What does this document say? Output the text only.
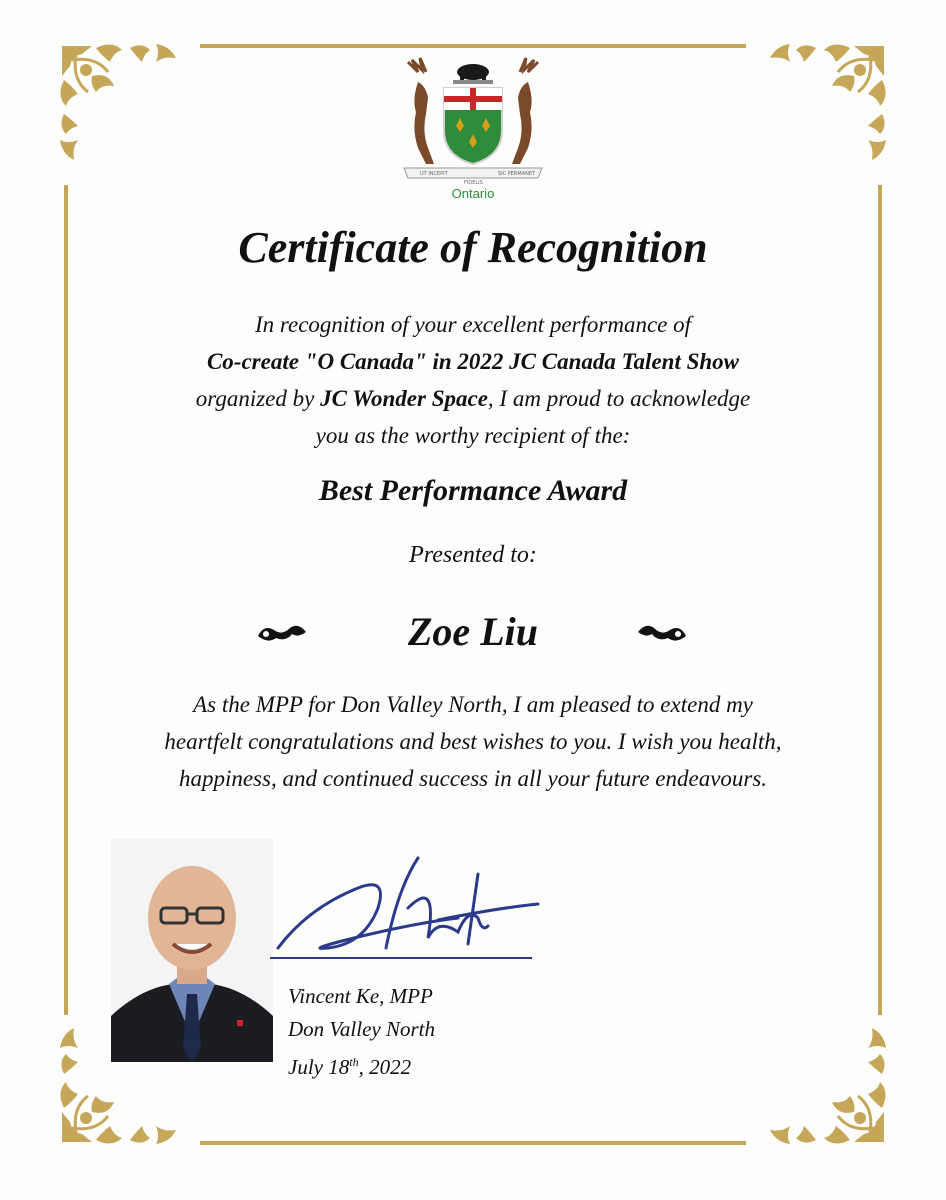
UT INCEPIT
FIDELIS
SIC PERMANET
Ontario
Certificate of Recognition
In recognition of your excellent performance of
Co-create "O Canada" in 2022 JC Canada Talent Show
organized by JC Wonder Space, I am proud to acknowledge
you as the worthy recipient of the:
Best Performance Award
Presented to:
Zoe Liu
As the MPP for Don Valley North, I am pleased to extend my
heartfelt congratulations and best wishes to you. I wish you health,
happiness, and continued success in all your future endeavours.
Vincent Ke, MPP
Don Valley North
July 18th, 2022
